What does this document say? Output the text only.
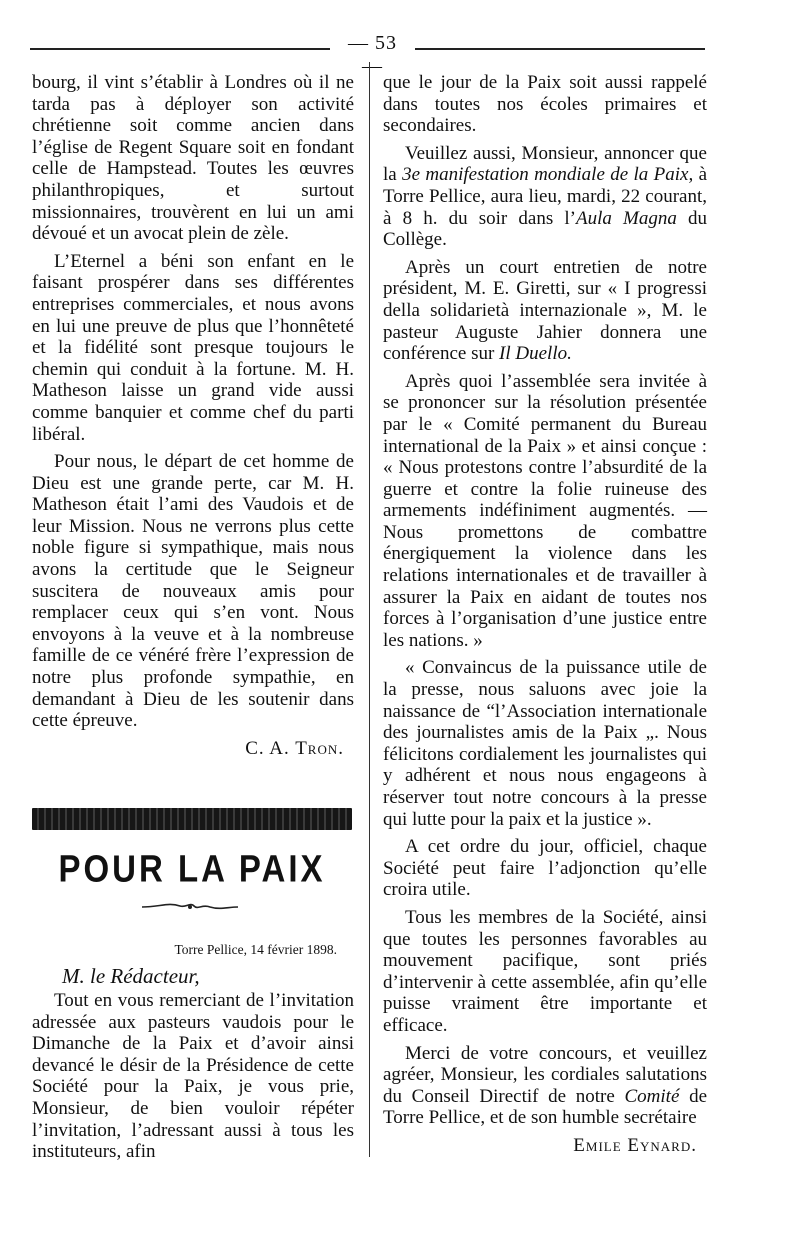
— 53 —

bourg, il vint s’établir à Londres où il ne tarda pas à déployer son activité chrétienne soit comme ancien dans l’église de Regent Square soit en fondant celle de Hampstead. Toutes les œuvres philanthropiques, et surtout missionnaires, trouvèrent en lui un ami dévoué et un avocat plein de zèle.

L’Eternel a béni son enfant en le faisant prospérer dans ses différentes entreprises commerciales, et nous avons en lui une preuve de plus que l’honnêteté et la fidélité sont presque toujours le chemin qui conduit à la fortune. M. H. Matheson laisse un grand vide aussi comme banquier et comme chef du parti libéral.

Pour nous, le départ de cet homme de Dieu est une grande perte, car M. H. Matheson était l’ami des Vaudois et de leur Mission. Nous ne verrons plus cette noble figure si sympathique, mais nous avons la certitude que le Seigneur suscitera de nouveaux amis pour remplacer ceux qui s’en vont. Nous envoyons à la veuve et à la nombreuse famille de ce vénéré frère l’expression de notre plus profonde sympathie, en demandant à Dieu de les soutenir dans cette épreuve.

C. A. Tron.
POUR LA PAIX
Torre Pellice, 14 février 1898.
M. le Rédacteur,

Tout en vous remerciant de l’invitation adressée aux pasteurs vaudois pour le Dimanche de la Paix et d’avoir ainsi devancé le désir de la Présidence de cette Société pour la Paix, je vous prie, Monsieur, de bien vouloir répéter l’invitation, l’adressant aussi à tous les instituteurs, afin

que le jour de la Paix soit aussi rappelé dans toutes nos écoles primaires et secondaires.

Veuillez aussi, Monsieur, annoncer que la 3e manifestation mondiale de la Paix, à Torre Pellice, aura lieu, mardi, 22 courant, à 8 h. du soir dans l’Aula Magna du Collège.

Après un court entretien de notre président, M. E. Giretti, sur « I progressi della solidarietà internazionale », M. le pasteur Auguste Jahier donnera une conférence sur Il Duello.

Après quoi l’assemblée sera invitée à se prononcer sur la résolution présentée par le « Comité permanent du Bureau international de la Paix » et ainsi conçue : « Nous protestons contre l’absurdité de la guerre et contre la folie ruineuse des armements indéfiniment augmentés. — Nous promettons de combattre énergiquement la violence dans les relations internationales et de travailler à assurer la Paix en aidant de toutes nos forces à l’organisation d’une justice entre les nations. »

« Convaincus de la puissance utile de la presse, nous saluons avec joie la naissance de “l’Association internationale des journalistes amis de la Paix „. Nous félicitons cordialement les journalistes qui y adhérent et nous nous engageons à réserver tout notre concours à la presse qui lutte pour la paix et la justice ».

A cet ordre du jour, officiel, chaque Société peut faire l’adjonction qu’elle croira utile.

Tous les membres de la Société, ainsi que toutes les personnes favorables au mouvement pacifique, sont priés d’intervenir à cette assemblée, afin qu’elle puisse vraiment être importante et efficace.

Merci de votre concours, et veuillez agréer, Monsieur, les cordiales salutations du Conseil Directif de notre Comité de Torre Pellice, et de son humble secrétaire

Emile Eynard.
